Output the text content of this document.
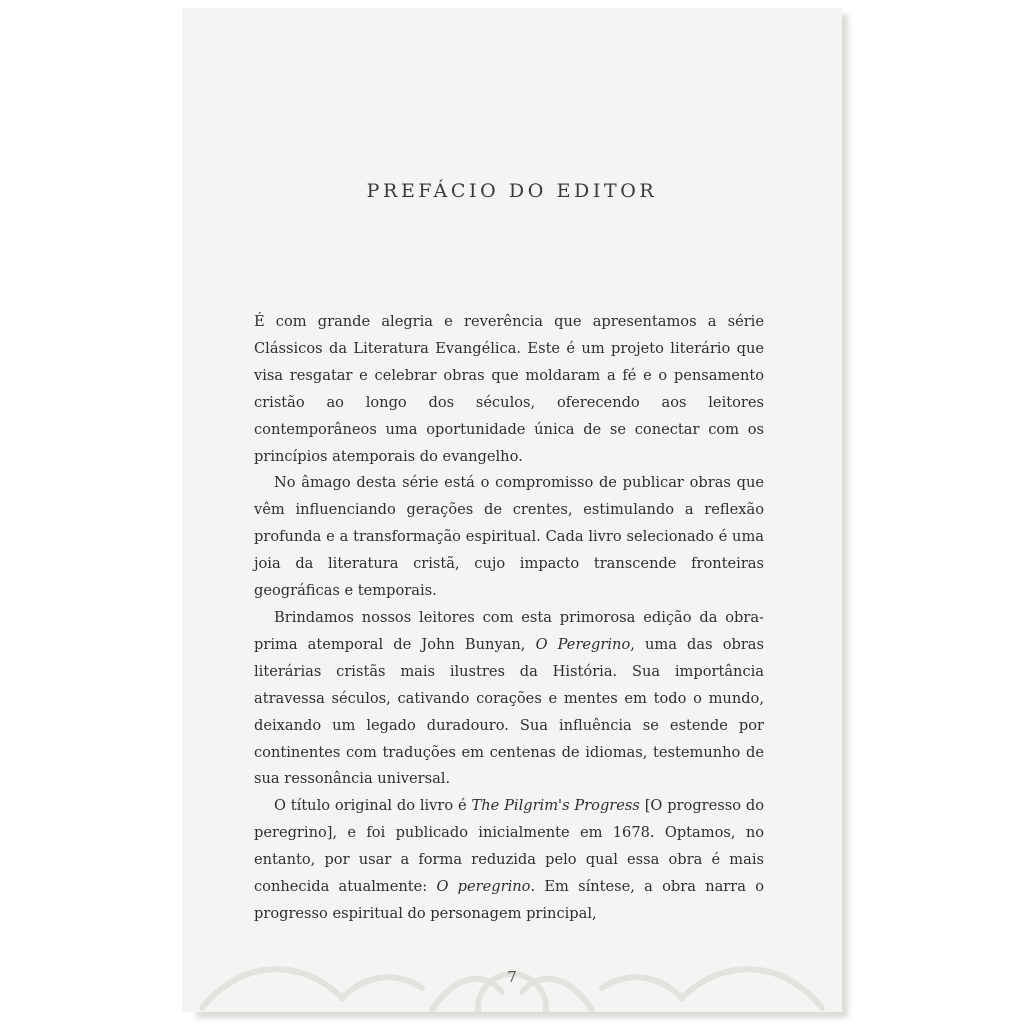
PREFÁCIO DO EDITOR

É com grande alegria e reverência que apresentamos a série Clássicos da Literatura Evangélica. Este é um projeto literário que visa resgatar e celebrar obras que moldaram a fé e o pensamento cristão ao longo dos séculos, oferecendo aos leitores contemporâneos uma oportunidade única de se conectar com os princípios atemporais do evangelho.

No âmago desta série está o compromisso de publicar obras que vêm influenciando gerações de crentes, estimulando a reflexão profunda e a transformação espiritual. Cada livro selecionado é uma joia da literatura cristã, cujo impacto transcende fronteiras geográficas e temporais.

Brindamos nossos leitores com esta primorosa edição da obra-prima atemporal de John Bunyan, O Peregrino, uma das obras literárias cristãs mais ilustres da História. Sua importância atravessa séculos, cativando corações e mentes em todo o mundo, deixando um legado duradouro. Sua influência se estende por continentes com traduções em centenas de idiomas, testemunho de sua ressonância universal.

O título original do livro é The Pilgrim's Progress [O progresso do peregrino], e foi publicado inicialmente em 1678. Optamos, no entanto, por usar a forma reduzida pelo qual essa obra é mais conhecida atualmente: O peregrino. Em síntese, a obra narra o progresso espiritual do personagem principal,

7
